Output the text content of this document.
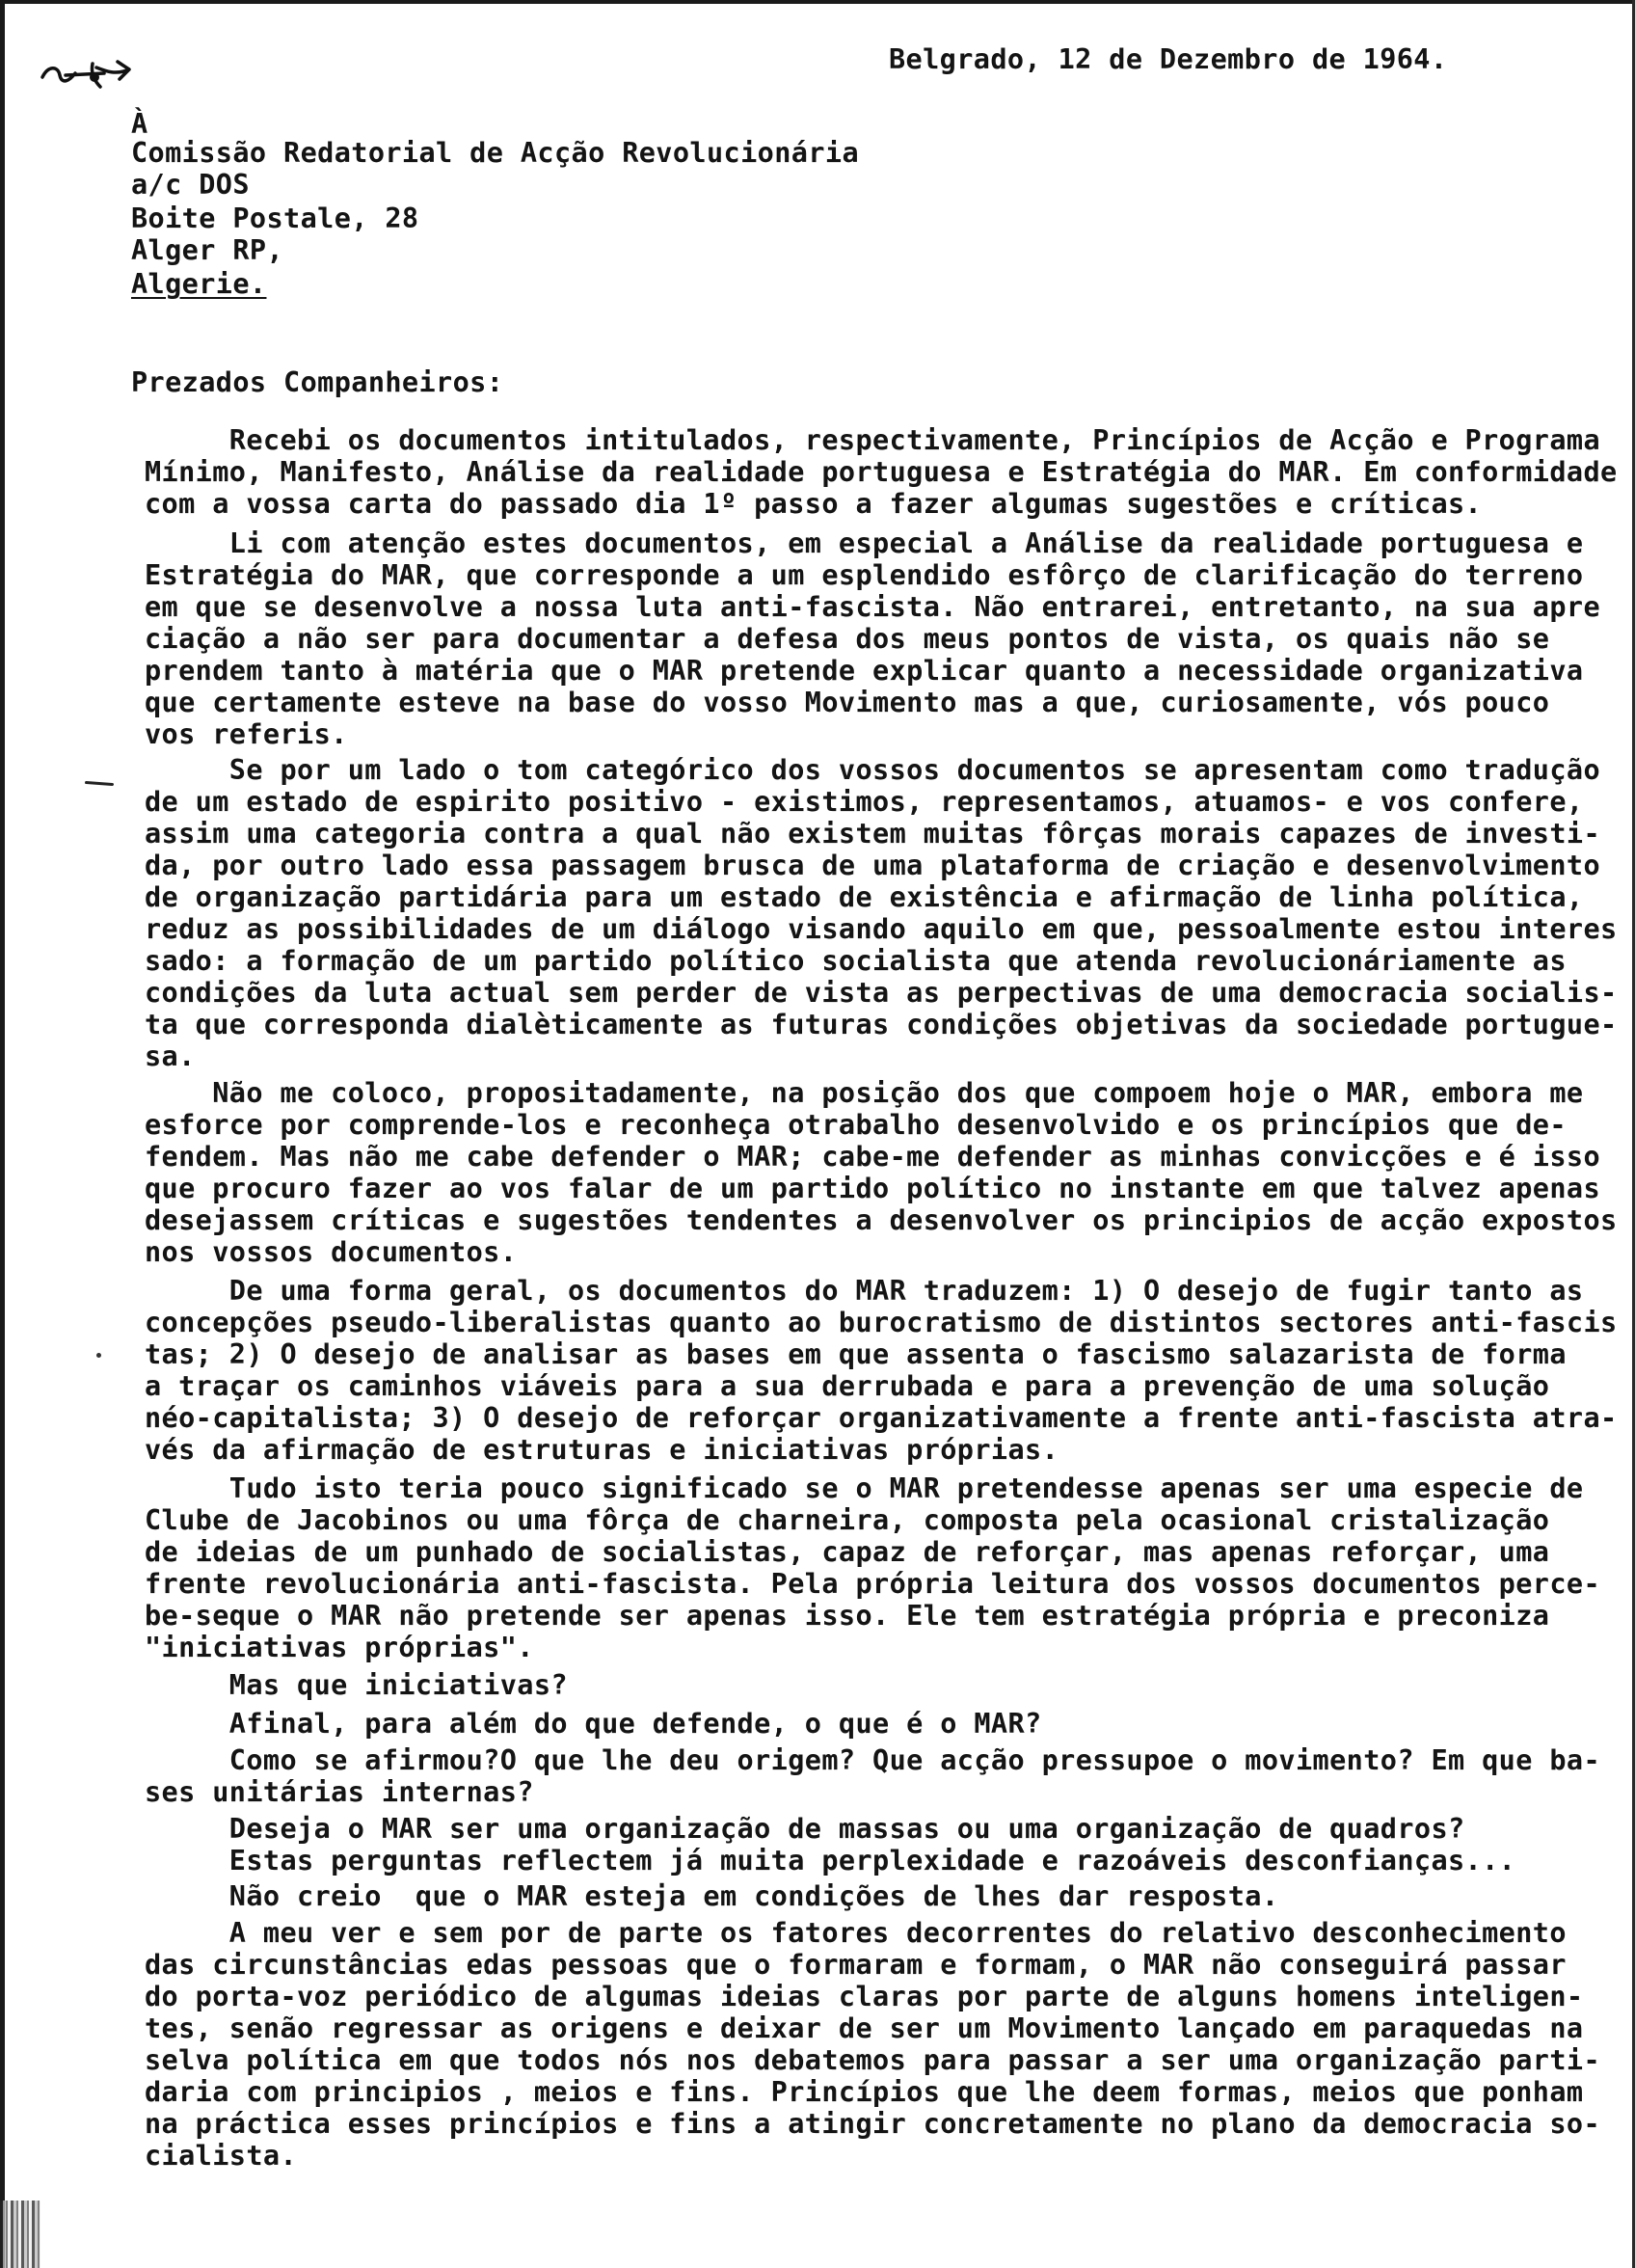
Belgrado, 12 de Dezembro de 1964.
À
Comissão Redatorial de Acção Revolucionária
a/c DOS
Boite Postale, 28
Alger RP,
Algerie.
Prezados Companheiros:
Recebi os documentos intitulados, respectivamente, Princípios de Acção e Programa
Mínimo, Manifesto, Análise da realidade portuguesa e Estratégia do MAR. Em conformidade
com a vossa carta do passado dia 1º passo a fazer algumas sugestões e críticas.
Li com atenção estes documentos, em especial a Análise da realidade portuguesa e
Estratégia do MAR, que corresponde a um esplendido esfôrço de clarificação do terreno
em que se desenvolve a nossa luta anti-fascista. Não entrarei, entretanto, na sua apre
ciação a não ser para documentar a defesa dos meus pontos de vista, os quais não se
prendem tanto à matéria que o MAR pretende explicar quanto a necessidade organizativa
que certamente esteve na base do vosso Movimento mas a que, curiosamente, vós pouco
vos referis.
Se por um lado o tom categórico dos vossos documentos se apresentam como tradução
de um estado de espirito positivo - existimos, representamos, atuamos- e vos confere,
assim uma categoria contra a qual não existem muitas fôrças morais capazes de investi-
da, por outro lado essa passagem brusca de uma plataforma de criação e desenvolvimento
de organização partidária para um estado de existência e afirmação de linha política,
reduz as possibilidades de um diálogo visando aquilo em que, pessoalmente estou interes
sado: a formação de um partido político socialista que atenda revolucionáriamente as
condições da luta actual sem perder de vista as perpectivas de uma democracia socialis-
ta que corresponda dialèticamente as futuras condições objetivas da sociedade portugue-
sa.
Não me coloco, propositadamente, na posição dos que compoem hoje o MAR, embora me
esforce por comprende-los e reconheça otrabalho desenvolvido e os princípios que de-
fendem. Mas não me cabe defender o MAR; cabe-me defender as minhas convicções e é isso
que procuro fazer ao vos falar de um partido político no instante em que talvez apenas
desejassem críticas e sugestões tendentes a desenvolver os principios de acção expostos
nos vossos documentos.
De uma forma geral, os documentos do MAR traduzem: 1) O desejo de fugir tanto as
concepções pseudo-liberalistas quanto ao burocratismo de distintos sectores anti-fascis
tas; 2) O desejo de analisar as bases em que assenta o fascismo salazarista de forma
a traçar os caminhos viáveis para a sua derrubada e para a prevenção de uma solução
néo-capitalista; 3) O desejo de reforçar organizativamente a frente anti-fascista atra-
vés da afirmação de estruturas e iniciativas próprias.
Tudo isto teria pouco significado se o MAR pretendesse apenas ser uma especie de
Clube de Jacobinos ou uma fôrça de charneira, composta pela ocasional cristalização
de ideias de um punhado de socialistas, capaz de reforçar, mas apenas reforçar, uma
frente revolucionária anti-fascista. Pela própria leitura dos vossos documentos perce-
be-seque o MAR não pretende ser apenas isso. Ele tem estratégia própria e preconiza
"iniciativas próprias".
Mas que iniciativas?
Afinal, para além do que defende, o que é o MAR?
Como se afirmou?O que lhe deu origem? Que acção pressupoe o movimento? Em que ba-
ses unitárias internas?
Deseja o MAR ser uma organização de massas ou uma organização de quadros?
Estas perguntas reflectem já muita perplexidade e razoáveis desconfianças...
Não creio  que o MAR esteja em condições de lhes dar resposta.
A meu ver e sem por de parte os fatores decorrentes do relativo desconhecimento
das circunstâncias edas pessoas que o formaram e formam, o MAR não conseguirá passar
do porta-voz periódico de algumas ideias claras por parte de alguns homens inteligen-
tes, senão regressar as origens e deixar de ser um Movimento lançado em paraquedas na
selva política em que todos nós nos debatemos para passar a ser uma organização parti-
daria com principios , meios e fins. Princípios que lhe deem formas, meios que ponham
na práctica esses princípios e fins a atingir concretamente no plano da democracia so-
cialista.
